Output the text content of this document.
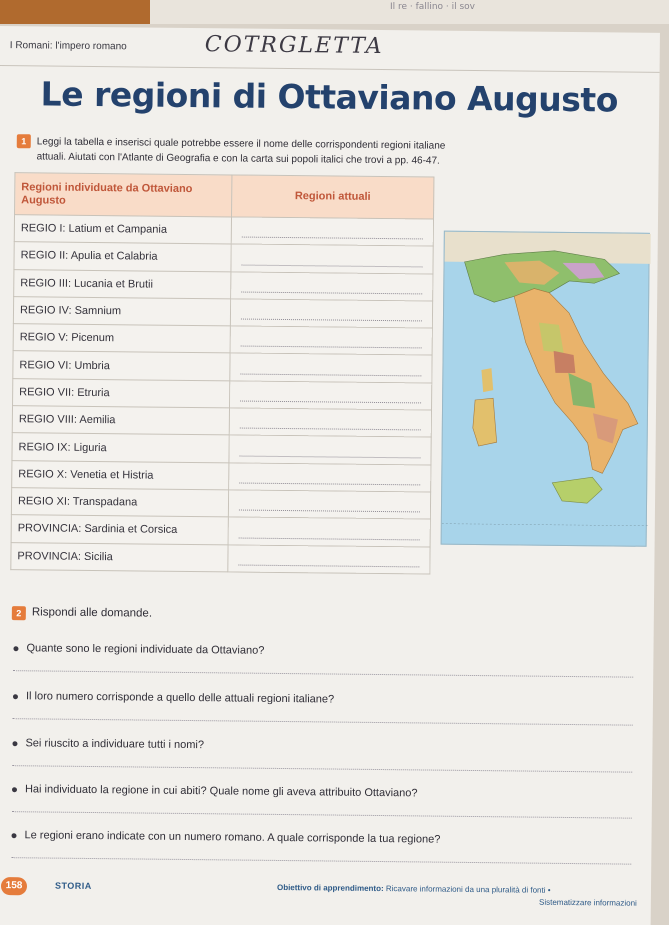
Il re · fallino · il sov
I Romani: l'impero romano	COTRGLETTA
Le regioni di Ottaviano Augusto
1 Leggi la tabella e inserisci quale potrebbe essere il nome delle corrispondenti regioni italiane
attuali. Aiutati con l'Atlante di Geografia e con la carta sui popoli italici che trovi a pp. 46-47.
Regioni individuate da Ottaviano Augusto	Regioni attuali
REGIO I: Latium et Campania	
REGIO II: Apulia et Calabria	
REGIO III: Lucania et Brutii	
REGIO IV: Samnium	
REGIO V: Picenum	
REGIO VI: Umbria	
REGIO VII: Etruria	
REGIO VIII: Aemilia	
REGIO IX: Liguria	
REGIO X: Venetia et Histria	
REGIO XI: Transpadana	
PROVINCIA: Sardinia et Corsica	
PROVINCIA: Sicilia	
2 Rispondi alle domande.
Quante sono le regioni individuate da Ottaviano?
Il loro numero corrisponde a quello delle attuali regioni italiane?
Sei riuscito a individuare tutti i nomi?
Hai individuato la regione in cui abiti? Quale nome gli aveva attribuito Ottaviano?
Le regioni erano indicate con un numero romano. A quale corrisponde la tua regione?
158	STORIA	Obiettivo di apprendimento: Ricavare informazioni da una pluralità di fonti •
Sistematizzare informazioni
